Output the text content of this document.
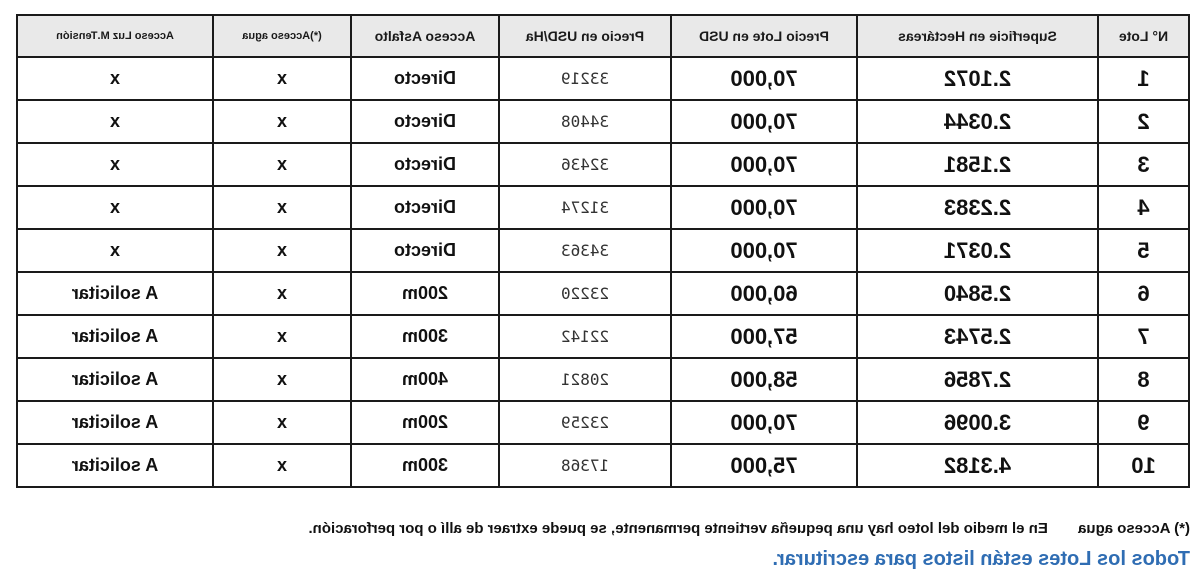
N° Lote	Superficie en Hectáreas	Precio Lote en USD	Precio en USD/Ha	Acceso Asfalto	(*)Acceso agua	Acceso Luz M.Tensión
1	2.1072	70,000	33219	Directo	x	x
2	2.0344	70,000	34408	Directo	x	x
3	2.1581	70,000	32436	Directo	x	x
4	2.2383	70,000	31274	Directo	x	x
5	2.0371	70,000	34363	Directo	x	x
6	2.5840	60,000	23220	200m	x	A solicitar
7	2.5743	57,000	22142	300m	x	A solicitar
8	2.7856	58,000	20821	400m	x	A solicitar
9	3.0096	70,000	23259	200m	x	A solicitar
10	4.3182	75,000	17368	300m	x	A solicitar
(*) Acceso agua En el medio del loteo hay una pequeña vertiente permanente, se puede extraer de allí o por perforación.
Todos los Lotes están listos para escriturar.
